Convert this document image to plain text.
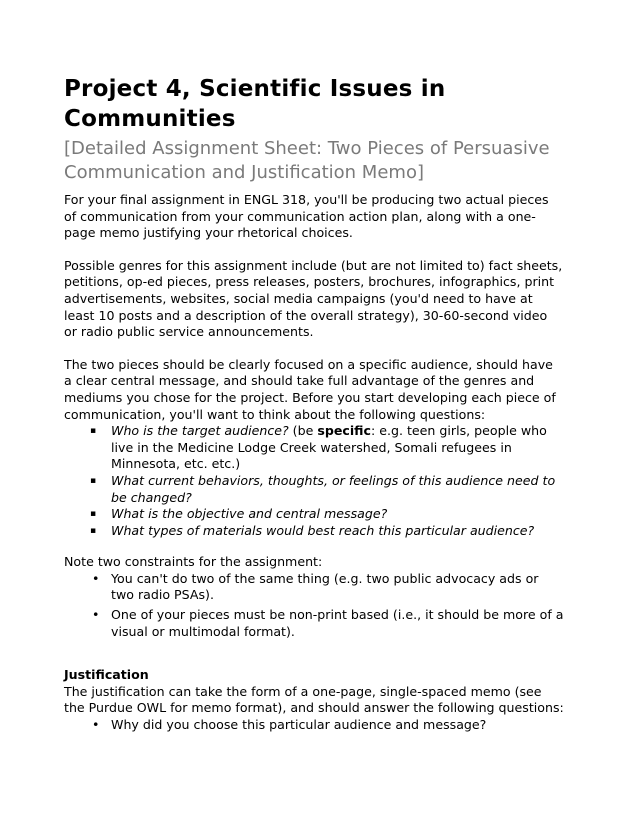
Project 4, Scientific Issues in Communities

[Detailed Assignment Sheet: Two Pieces of Persuasive Communication and Justification Memo]

For your final assignment in ENGL 318, you'll be producing two actual pieces of communication from your communication action plan, along with a one-page memo justifying your rhetorical choices.

Possible genres for this assignment include (but are not limited to) fact sheets, petitions, op-ed pieces, press releases, posters, brochures, infographics, print advertisements, websites, social media campaigns (you'd need to have at least 10 posts and a description of the overall strategy), 30-60-second video or radio public service announcements.

The two pieces should be clearly focused on a specific audience, should have a clear central message, and should take full advantage of the genres and mediums you chose for the project. Before you start developing each piece of communication, you'll want to think about the following questions:

▪ Who is the target audience? (be specific: e.g. teen girls, people who live in the Medicine Lodge Creek watershed, Somali refugees in Minnesota, etc. etc.)
▪ What current behaviors, thoughts, or feelings of this audience need to be changed?
▪ What is the objective and central message?
▪ What types of materials would best reach this particular audience?

Note two constraints for the assignment:

• You can't do two of the same thing (e.g. two public advocacy ads or two radio PSAs).
• One of your pieces must be non-print based (i.e., it should be more of a visual or multimodal format).

Justification

The justification can take the form of a one-page, single-spaced memo (see the Purdue OWL for memo format), and should answer the following questions:

• Why did you choose this particular audience and message?
